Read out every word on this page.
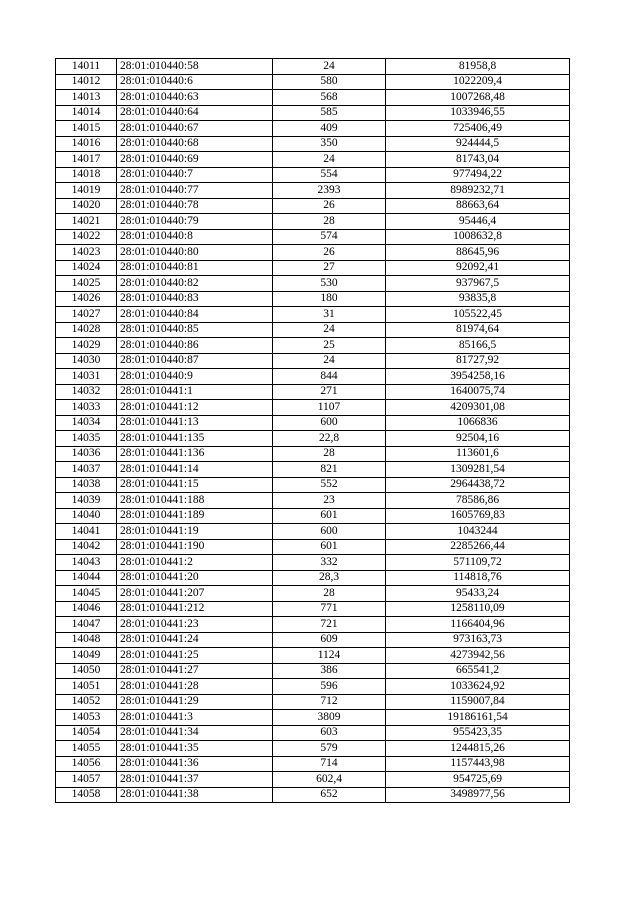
14011	28:01:010440:58	24	81958,8
14012	28:01:010440:6	580	1022209,4
14013	28:01:010440:63	568	1007268,48
14014	28:01:010440:64	585	1033946,55
14015	28:01:010440:67	409	725406,49
14016	28:01:010440:68	350	924444,5
14017	28:01:010440:69	24	81743,04
14018	28:01:010440:7	554	977494,22
14019	28:01:010440:77	2393	8989232,71
14020	28:01:010440:78	26	88663,64
14021	28:01:010440:79	28	95446,4
14022	28:01:010440:8	574	1008632,8
14023	28:01:010440:80	26	88645,96
14024	28:01:010440:81	27	92092,41
14025	28:01:010440:82	530	937967,5
14026	28:01:010440:83	180	93835,8
14027	28:01:010440:84	31	105522,45
14028	28:01:010440:85	24	81974,64
14029	28:01:010440:86	25	85166,5
14030	28:01:010440:87	24	81727,92
14031	28:01:010440:9	844	3954258,16
14032	28:01:010441:1	271	1640075,74
14033	28:01:010441:12	1107	4209301,08
14034	28:01:010441:13	600	1066836
14035	28:01:010441:135	22,8	92504,16
14036	28:01:010441:136	28	113601,6
14037	28:01:010441:14	821	1309281,54
14038	28:01:010441:15	552	2964438,72
14039	28:01:010441:188	23	78586,86
14040	28:01:010441:189	601	1605769,83
14041	28:01:010441:19	600	1043244
14042	28:01:010441:190	601	2285266,44
14043	28:01:010441:2	332	571109,72
14044	28:01:010441:20	28,3	114818,76
14045	28:01:010441:207	28	95433,24
14046	28:01:010441:212	771	1258110,09
14047	28:01:010441:23	721	1166404,96
14048	28:01:010441:24	609	973163,73
14049	28:01:010441:25	1124	4273942,56
14050	28:01:010441:27	386	665541,2
14051	28:01:010441:28	596	1033624,92
14052	28:01:010441:29	712	1159007,84
14053	28:01:010441:3	3809	19186161,54
14054	28:01:010441:34	603	955423,35
14055	28:01:010441:35	579	1244815,26
14056	28:01:010441:36	714	1157443,98
14057	28:01:010441:37	602,4	954725,69
14058	28:01:010441:38	652	3498977,56
